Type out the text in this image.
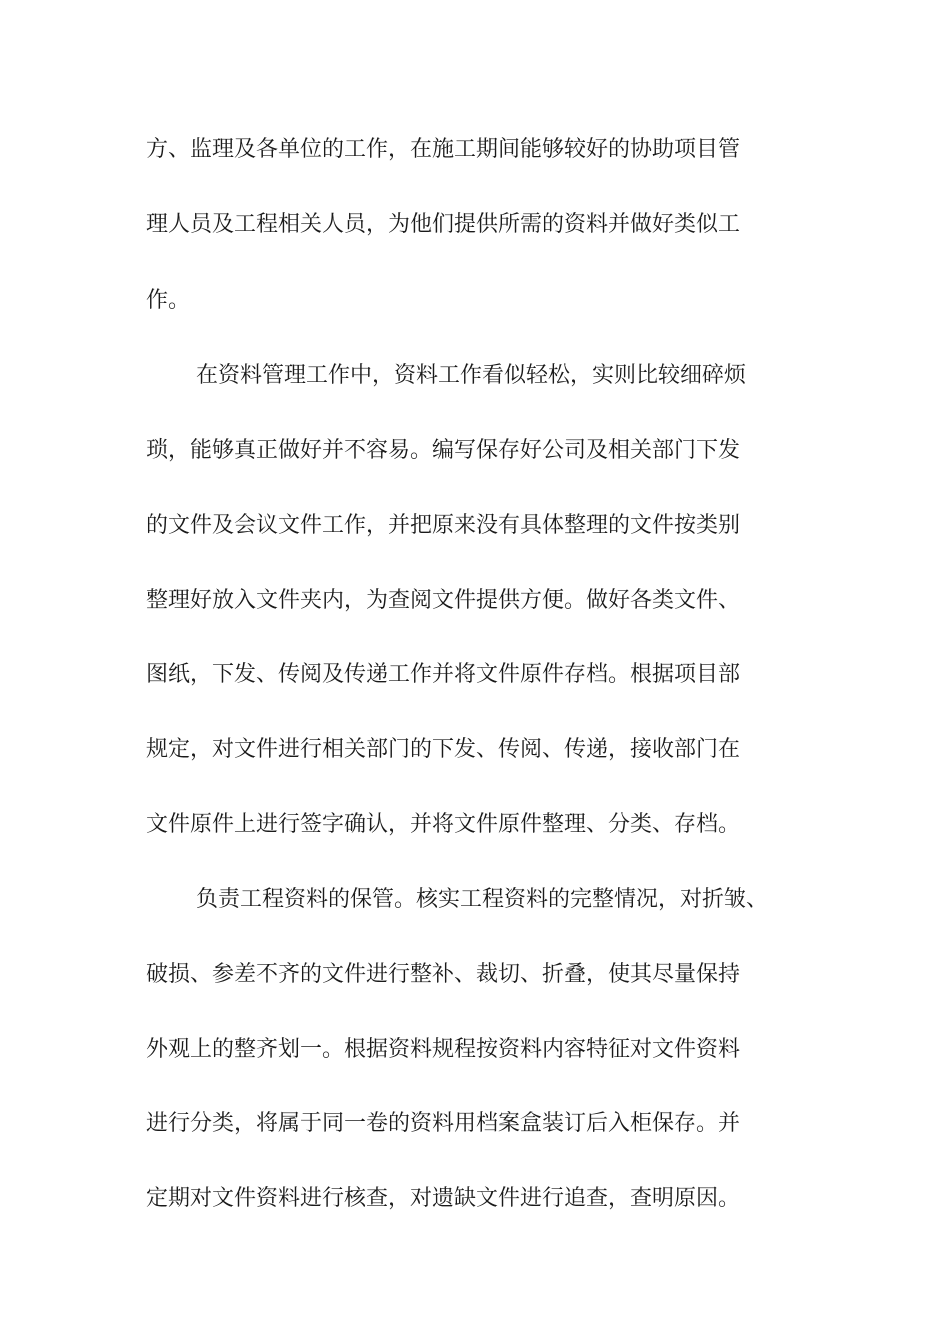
方、监理及各单位的工作，在施工期间能够较好的协助项目管
理人员及工程相关人员，为他们提供所需的资料并做好类似工
作。
在资料管理工作中，资料工作看似轻松，实则比较细碎烦
琐，能够真正做好并不容易。编写保存好公司及相关部门下发
的文件及会议文件工作，并把原来没有具体整理的文件按类别
整理好放入文件夹内，为查阅文件提供方便。做好各类文件、
图纸，下发、传阅及传递工作并将文件原件存档。根据项目部
规定，对文件进行相关部门的下发、传阅、传递，接收部门在
文件原件上进行签字确认，并将文件原件整理、分类、存档。
负责工程资料的保管。核实工程资料的完整情况，对折皱、
破损、参差不齐的文件进行整补、裁切、折叠，使其尽量保持
外观上的整齐划一。根据资料规程按资料内容特征对文件资料
进行分类，将属于同一卷的资料用档案盒装订后入柜保存。并
定期对文件资料进行核查，对遗缺文件进行追查，查明原因。
